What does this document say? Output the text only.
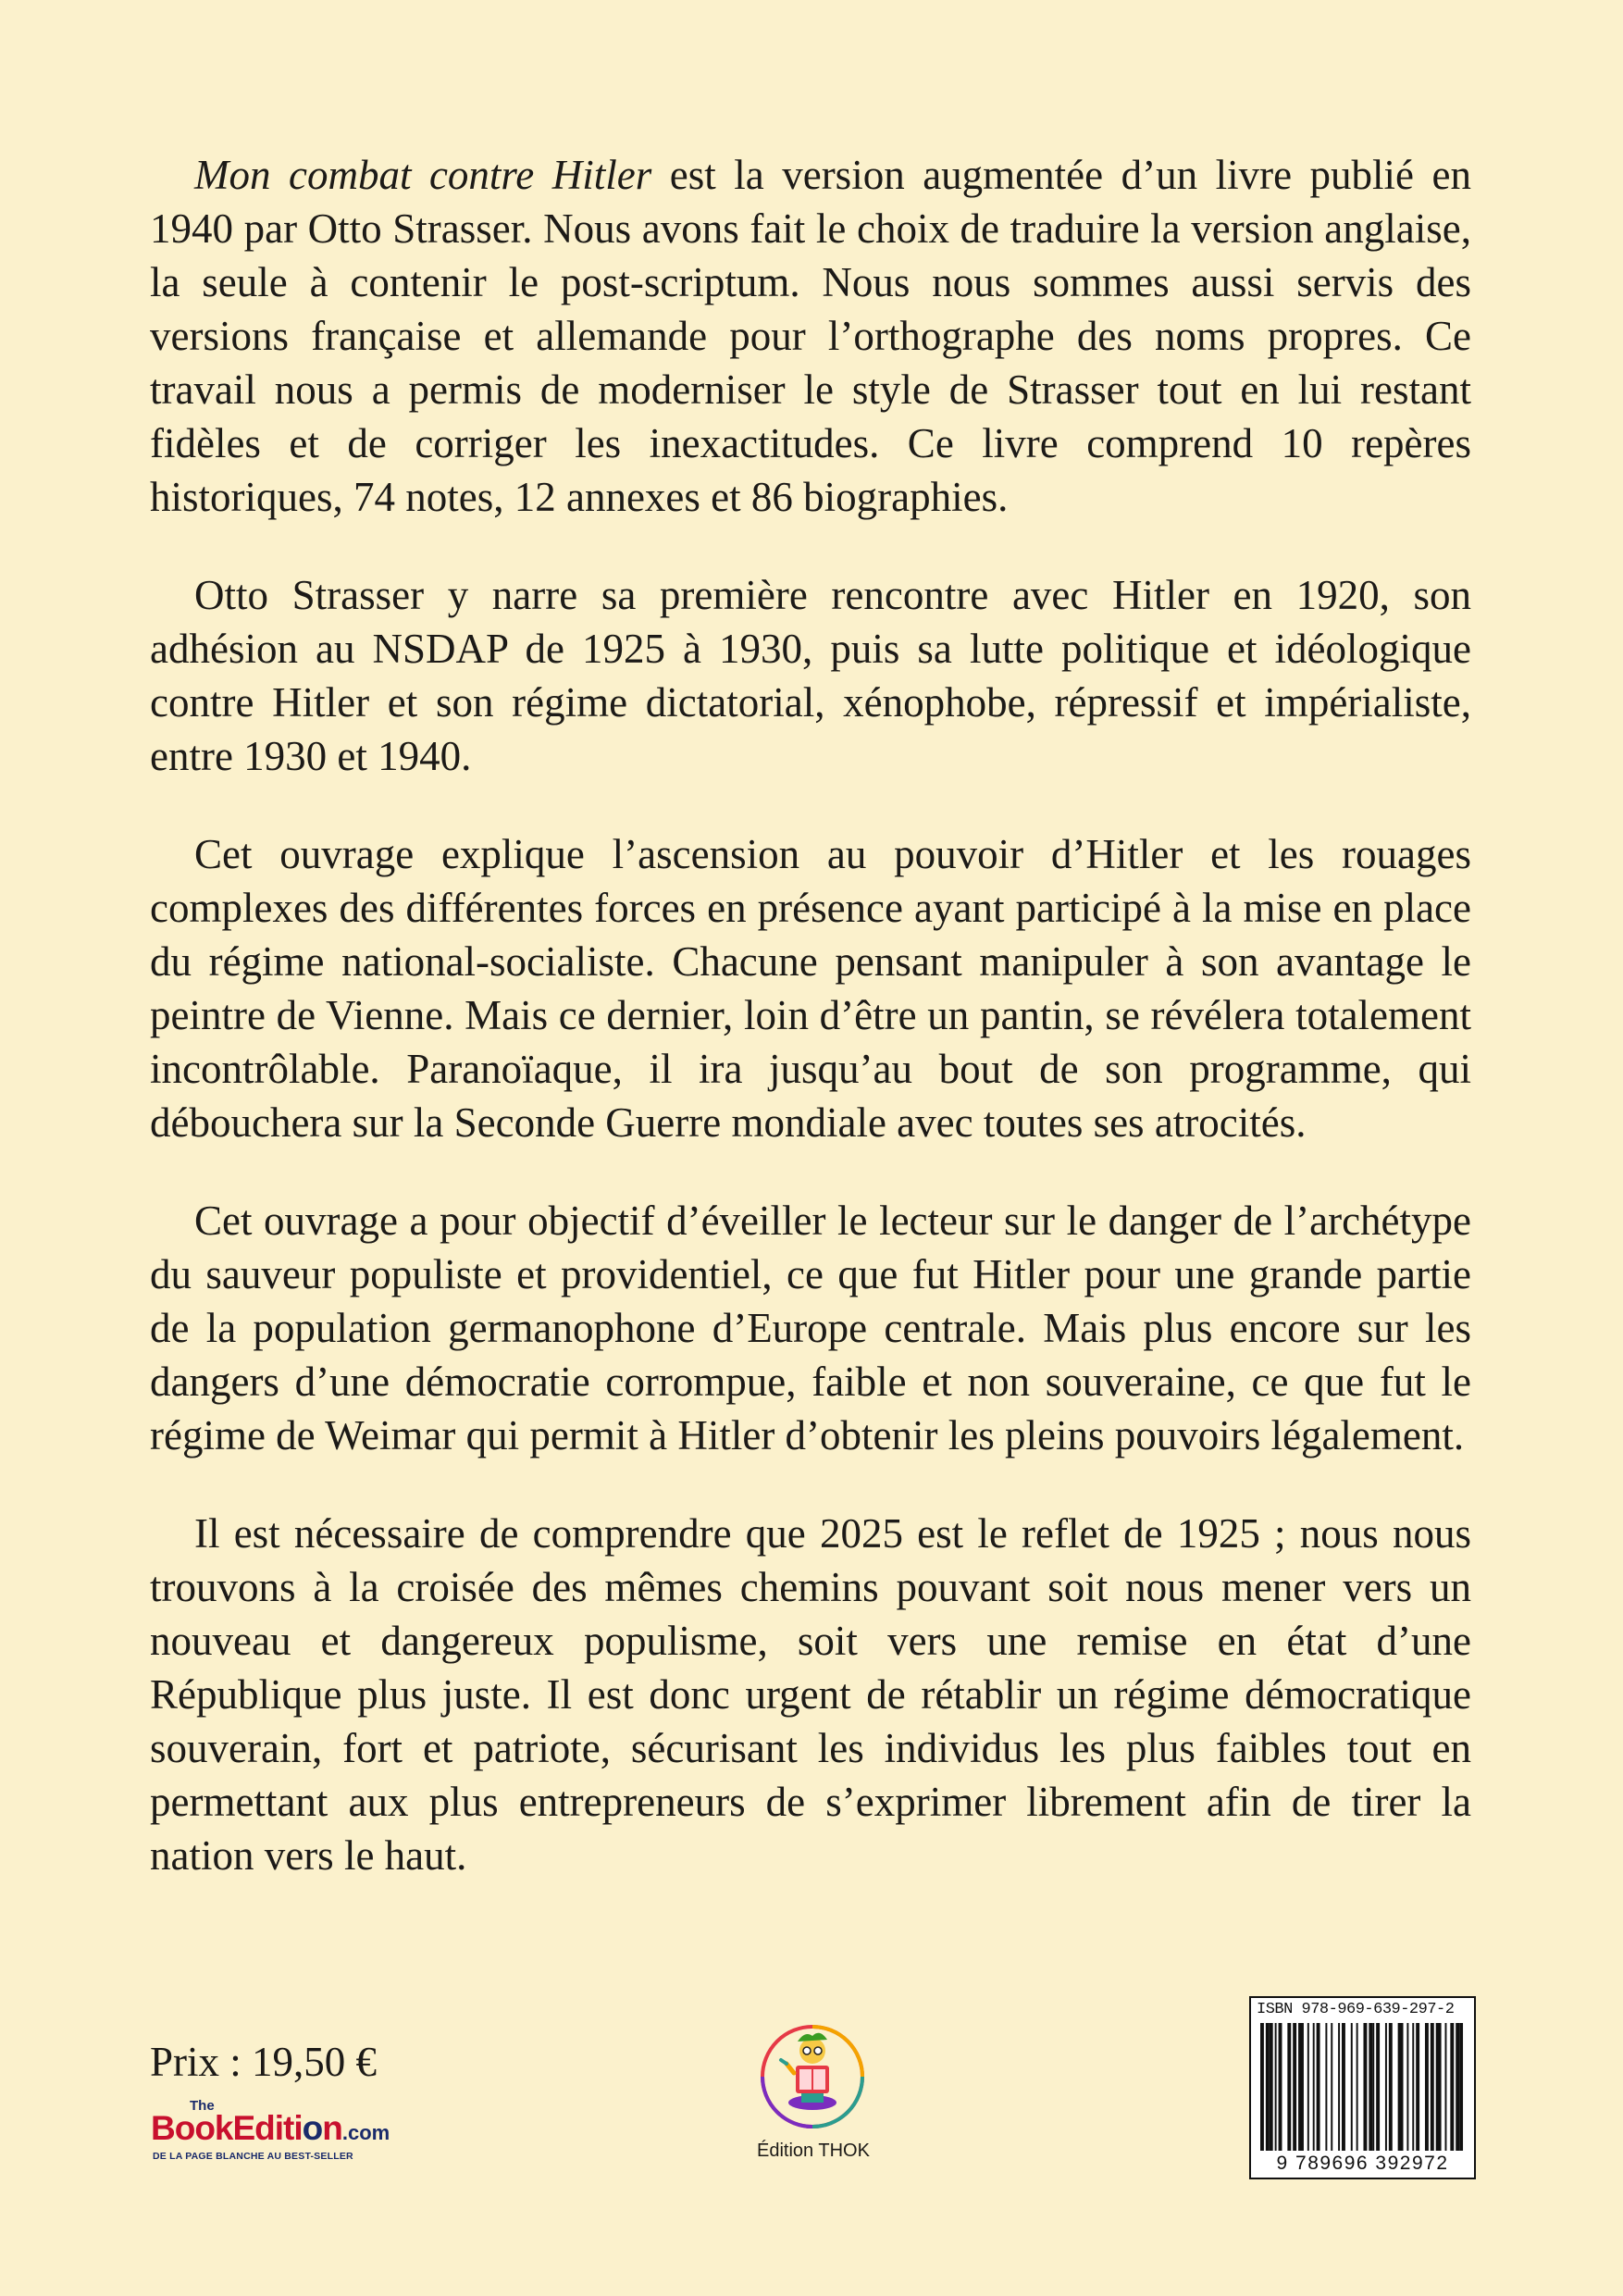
Mon combat contre Hitler est la version augmentée d’un livre publié en 1940 par Otto Strasser. Nous avons fait le choix de traduire la version anglaise, la seule à contenir le post-scriptum. Nous nous sommes aussi servis des versions française et allemande pour l’orthographe des noms propres. Ce travail nous a permis de moderniser le style de Strasser tout en lui restant fidèles et de corriger les inexactitudes. Ce livre comprend 10 repères historiques, 74 notes, 12 annexes et 86 biographies.

Otto Strasser y narre sa première rencontre avec Hitler en 1920, son adhésion au NSDAP de 1925 à 1930, puis sa lutte politique et idéologique contre Hitler et son régime dictatorial, xénophobe, répressif et impérialiste, entre 1930 et 1940.

Cet ouvrage explique l’ascension au pouvoir d’Hitler et les rouages complexes des différentes forces en présence ayant participé à la mise en place du régime national-socialiste. Chacune pensant manipuler à son avantage le peintre de Vienne. Mais ce dernier, loin d’être un pantin, se révélera totalement incontrôlable. Paranoïaque, il ira jusqu’au bout de son programme, qui débouchera sur la Seconde Guerre mondiale avec toutes ses atrocités.

Cet ouvrage a pour objectif d’éveiller le lecteur sur le danger de l’archétype du sauveur populiste et providentiel, ce que fut Hitler pour une grande partie de la population germanophone d’Europe centrale. Mais plus encore sur les dangers d’une démocratie corrompue, faible et non souveraine, ce que fut le régime de Weimar qui permit à Hitler d’obtenir les pleins pouvoirs légalement.

Il est nécessaire de comprendre que 2025 est le reflet de 1925 ; nous nous trouvons à la croisée des mêmes chemins pouvant soit nous mener vers un nouveau et dangereux populisme, soit vers une remise en état d’une République plus juste. Il est donc urgent de rétablir un régime démocratique souverain, fort et patriote, sécurisant les individus les plus faibles tout en permettant aux plus entrepreneurs de s’exprimer librement afin de tirer la nation vers le haut.

Prix : 19,50 €
The
BookEdition.com
DE LA PAGE BLANCHE AU BEST-SELLER	Édition THOK
ISBN 978-969-639-297-2
9 789696 392972
